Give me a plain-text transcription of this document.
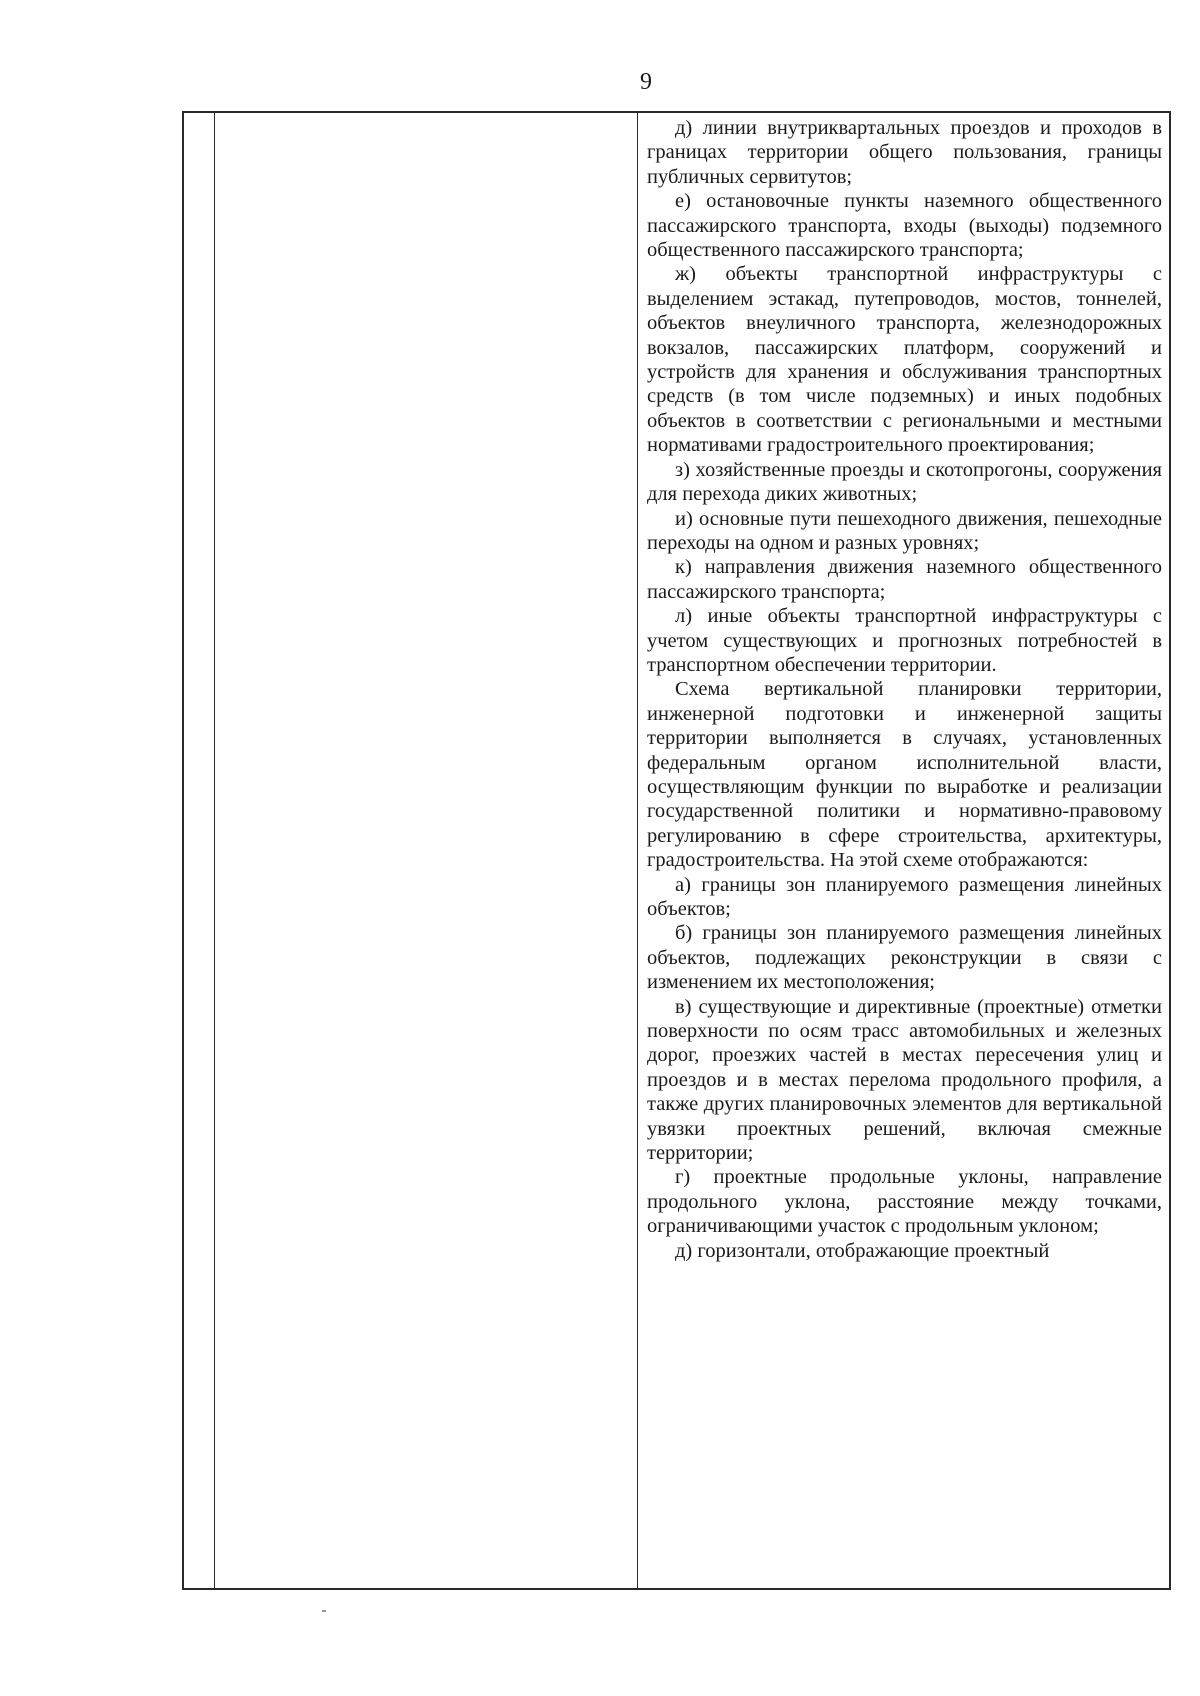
9

д) линии внутриквартальных проездов и проходов в границах территории общего пользования, границы публичных сервитутов;

е) остановочные пункты наземного общественного пассажирского транспорта, входы (выходы) подземного общественного пассажирского транспорта;

ж) объекты транспортной инфраструктуры с выделением эстакад, путепроводов, мостов, тоннелей, объектов внеуличного транспорта, железнодорожных вокзалов, пассажирских платформ, сооружений и устройств для хранения и обслуживания транспортных средств (в том числе подземных) и иных подобных объектов в соответствии с региональными и местными нормативами градостроительного проектирования;

з) хозяйственные проезды и скотопрогоны, сооружения для перехода диких животных;

и) основные пути пешеходного движения, пешеходные переходы на одном и разных уровнях;

к) направления движения наземного общественного пассажирского транспорта;

л) иные объекты транспортной инфраструктуры с учетом существующих и прогнозных потребностей в транспортном обеспечении территории.

Схема вертикальной планировки территории, инженерной подготовки и инженерной защиты территории выполняется в случаях, установленных федеральным органом исполнительной власти, осуществляющим функции по выработке и реализации государственной политики и нормативно-правовому регулированию в сфере строительства, архитектуры, градостроительства. На этой схеме отображаются:

а) границы зон планируемого размещения линейных объектов;

б) границы зон планируемого размещения линейных объектов, подлежащих реконструкции в связи с изменением их местоположения;

в) существующие и директивные (проектные) отметки поверхности по осям трасс автомобильных и железных дорог, проезжих частей в местах пересечения улиц и проездов и в местах перелома продольного профиля, а также других планировочных элементов для вертикальной увязки проектных решений, включая смежные территории;

г) проектные продольные уклоны, направление продольного уклона, расстояние между точками, ограничивающими участок с продольным уклоном;

д) горизонтали, отображающие проектный
